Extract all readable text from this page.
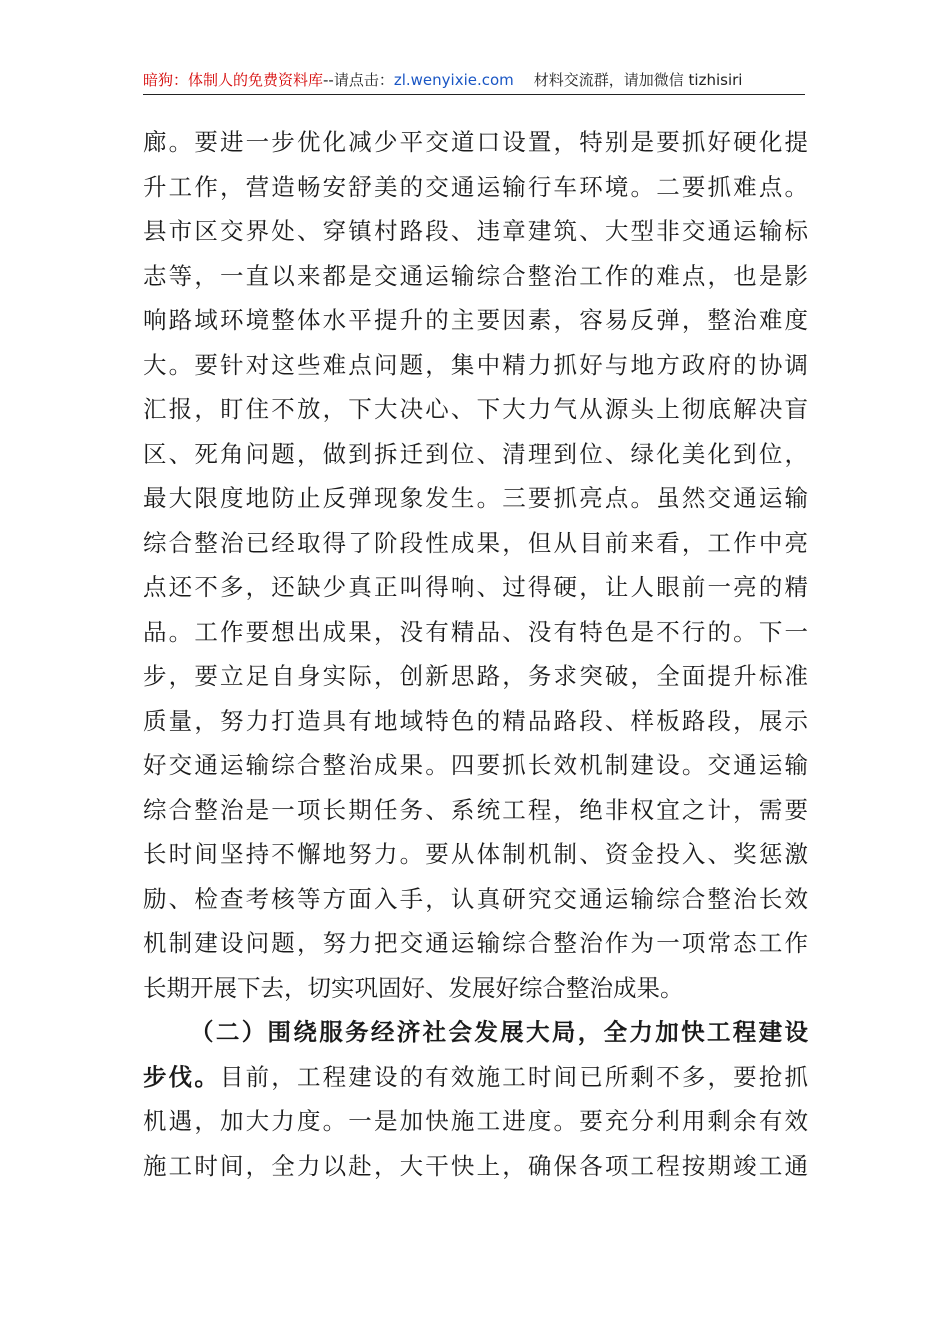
暗狗：体制人的免费资料库--请点击：zl.wenyixie.com 材料交流群，请加微信 tizhisiri
廊。要进一步优化减少平交道口设置，特别是要抓好硬化提
升工作，营造畅安舒美的交通运输行车环境。二要抓难点。
县市区交界处、穿镇村路段、违章建筑、大型非交通运输标
志等，一直以来都是交通运输综合整治工作的难点，也是影
响路域环境整体水平提升的主要因素，容易反弹，整治难度
大。要针对这些难点问题，集中精力抓好与地方政府的协调
汇报，盯住不放，下大决心、下大力气从源头上彻底解决盲
区、死角问题，做到拆迁到位、清理到位、绿化美化到位，
最大限度地防止反弹现象发生。三要抓亮点。虽然交通运输
综合整治已经取得了阶段性成果，但从目前来看，工作中亮
点还不多，还缺少真正叫得响、过得硬，让人眼前一亮的精
品。工作要想出成果，没有精品、没有特色是不行的。下一
步，要立足自身实际，创新思路，务求突破，全面提升标准
质量，努力打造具有地域特色的精品路段、样板路段，展示
好交通运输综合整治成果。四要抓长效机制建设。交通运输
综合整治是一项长期任务、系统工程，绝非权宜之计，需要
长时间坚持不懈地努力。要从体制机制、资金投入、奖惩激
励、检查考核等方面入手，认真研究交通运输综合整治长效
机制建设问题，努力把交通运输综合整治作为一项常态工作
长期开展下去，切实巩固好、发展好综合整治成果。
（二）围绕服务经济社会发展大局，全力加快工程建设
步伐。目前，工程建设的有效施工时间已所剩不多，要抢抓
机遇，加大力度。一是加快施工进度。要充分利用剩余有效
施工时间，全力以赴，大干快上，确保各项工程按期竣工通
